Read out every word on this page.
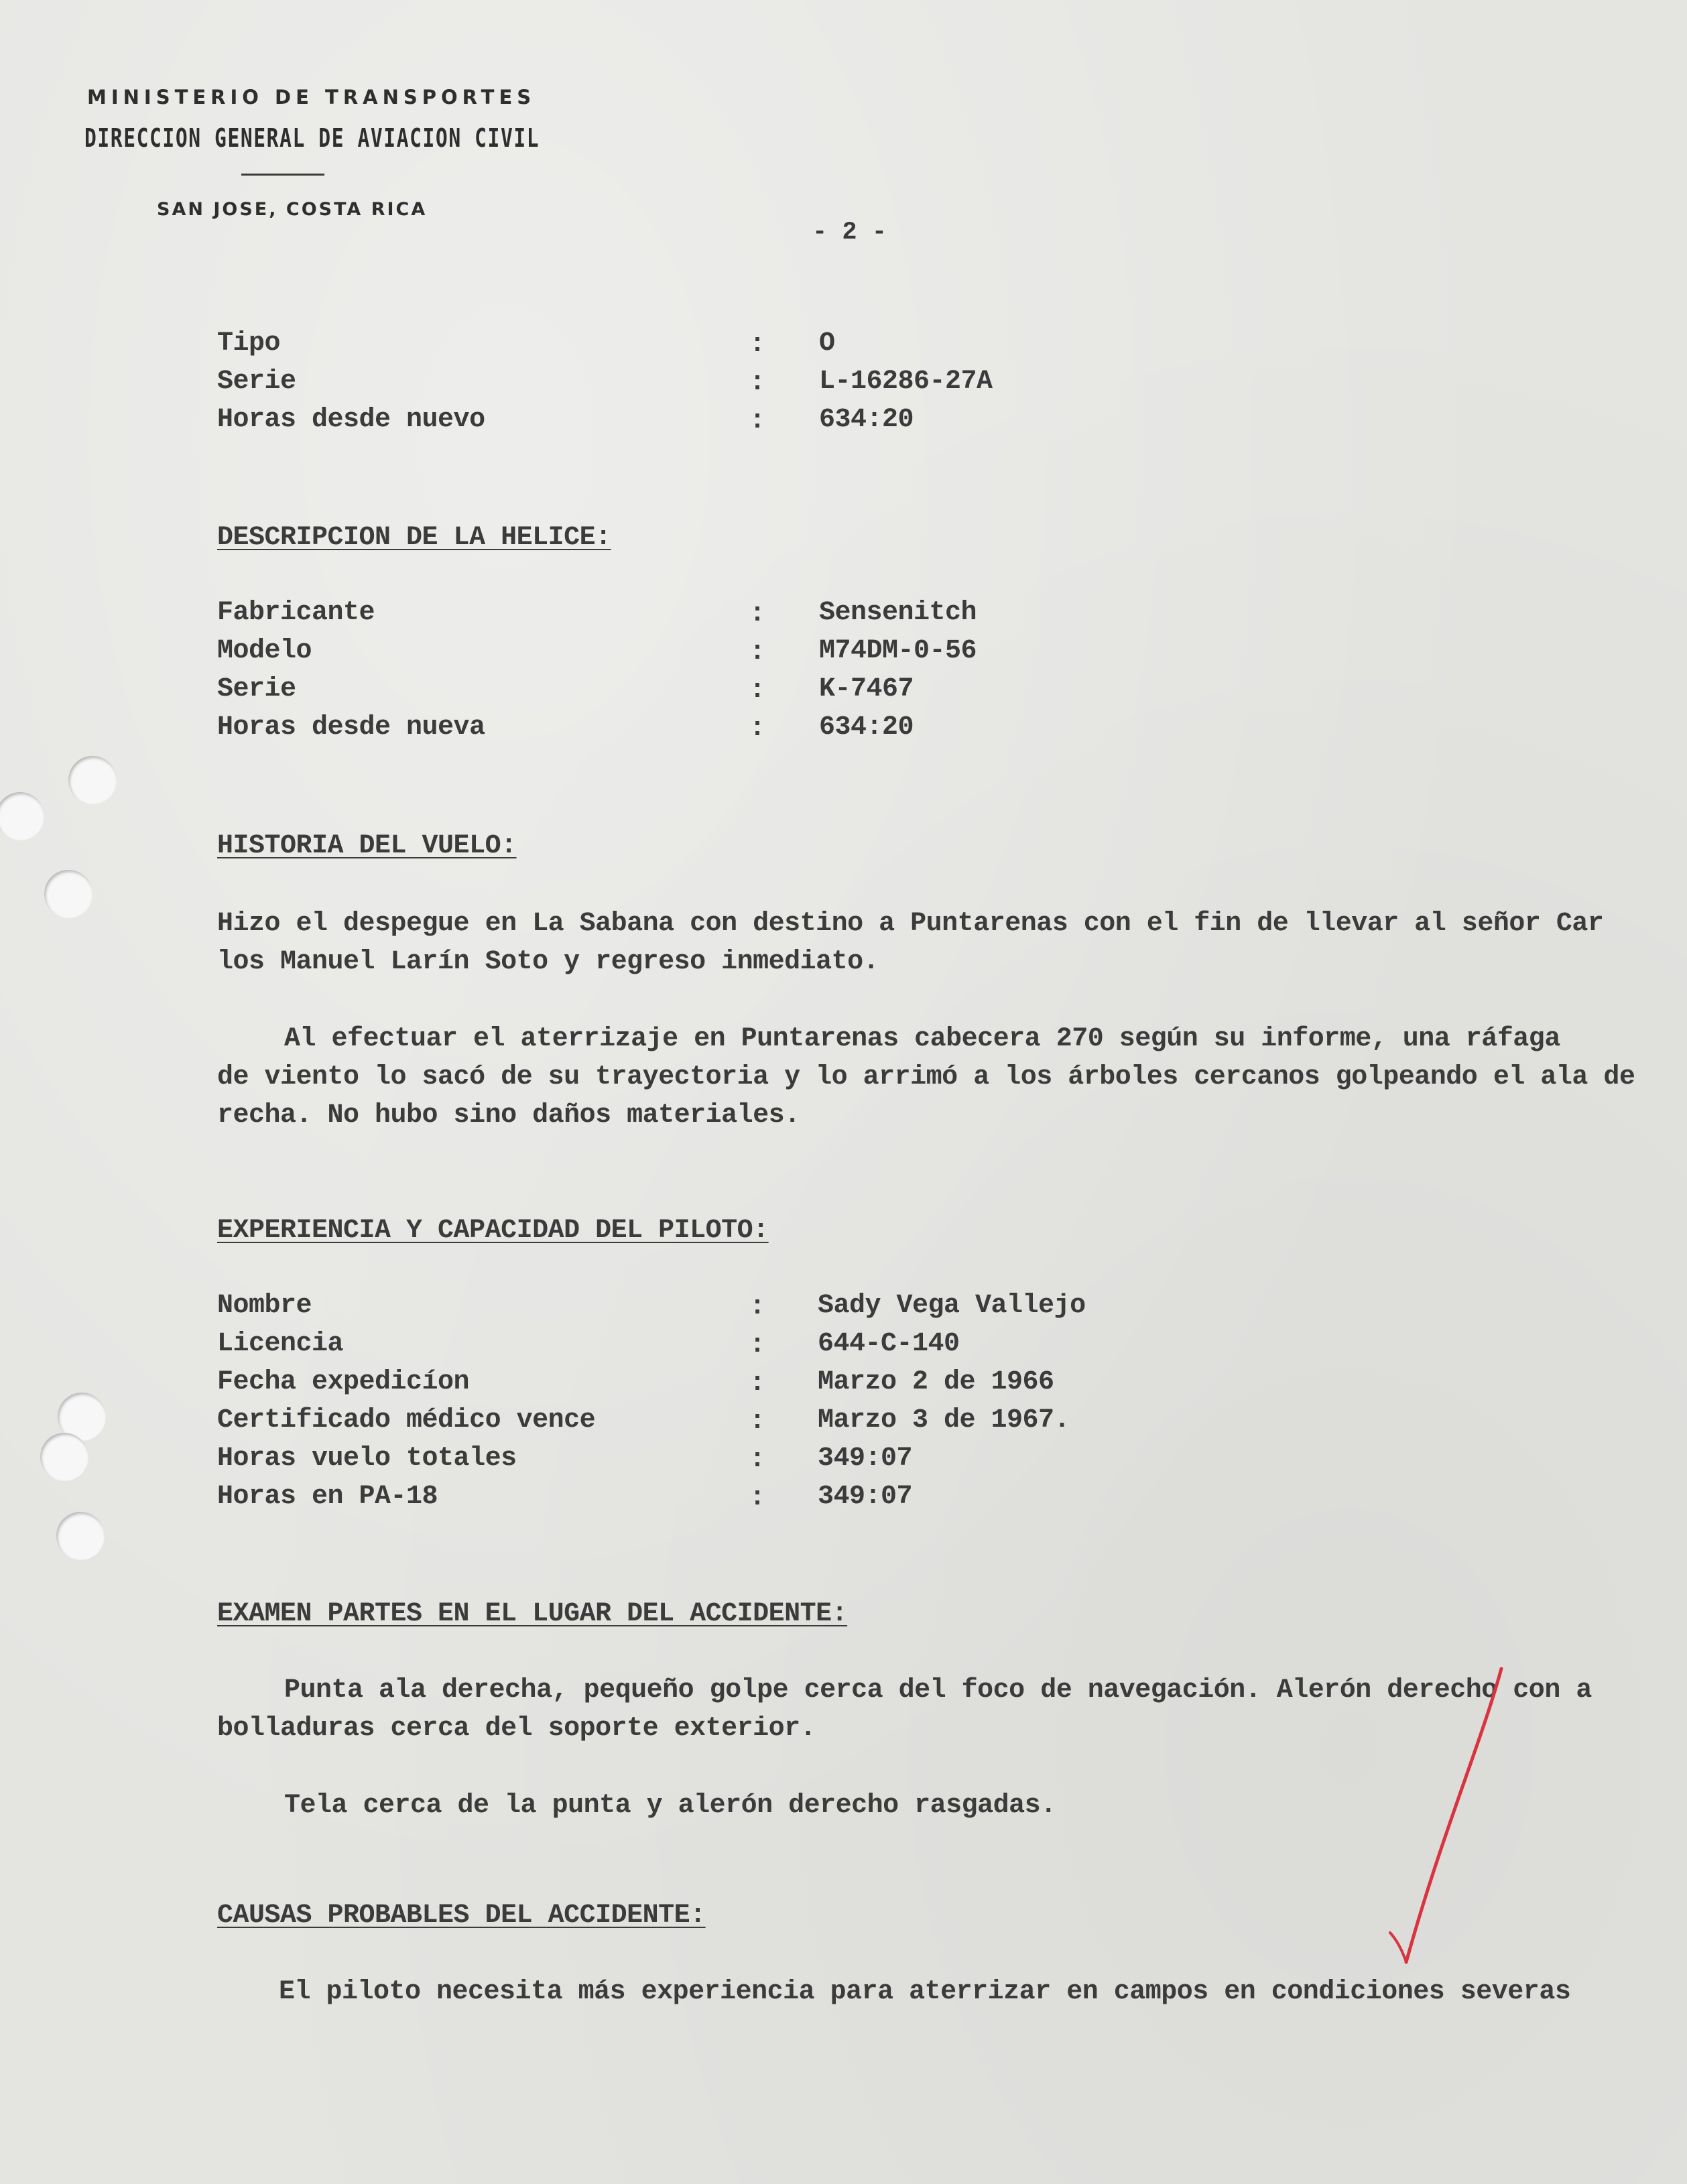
MINISTERIO DE TRANSPORTES
DIRECCION GENERAL DE AVIACION CIVIL
SAN JOSE, COSTA RICA
- 2 -
Tipo	: O
Serie	: L-16286-27A
Horas desde nuevo	: 634:20
DESCRIPCION DE LA HELICE:
Fabricante	: Sensenitch
Modelo	: M74DM-0-56
Serie	: K-7467
Horas desde nueva	: 634:20
HISTORIA DEL VUELO:
Hizo el despegue en La Sabana con destino a Puntarenas con el fin de llevar al señor Car
los Manuel Larín Soto y regreso inmediato.
Al efectuar el aterrizaje en Puntarenas cabecera 270 según su informe, una ráfaga
de viento lo sacó de su trayectoria y lo arrimó a los árboles cercanos golpeando el ala de
recha. No hubo sino daños materiales.
EXPERIENCIA Y CAPACIDAD DEL PILOTO:
Nombre	: Sady Vega Vallejo
Licencia	: 644-C-140
Fecha expedicíon	: Marzo 2 de 1966
Certificado médico vence	: Marzo 3 de 1967.
Horas vuelo totales	: 349:07
Horas en PA-18	: 349:07
EXAMEN PARTES EN EL LUGAR DEL ACCIDENTE:
Punta ala derecha, pequeño golpe cerca del foco de navegación. Alerón derecho con a
bolladuras cerca del soporte exterior.
Tela cerca de la punta y alerón derecho rasgadas.
CAUSAS PROBABLES DEL ACCIDENTE:
El piloto necesita más experiencia para aterrizar en campos en condiciones severas
